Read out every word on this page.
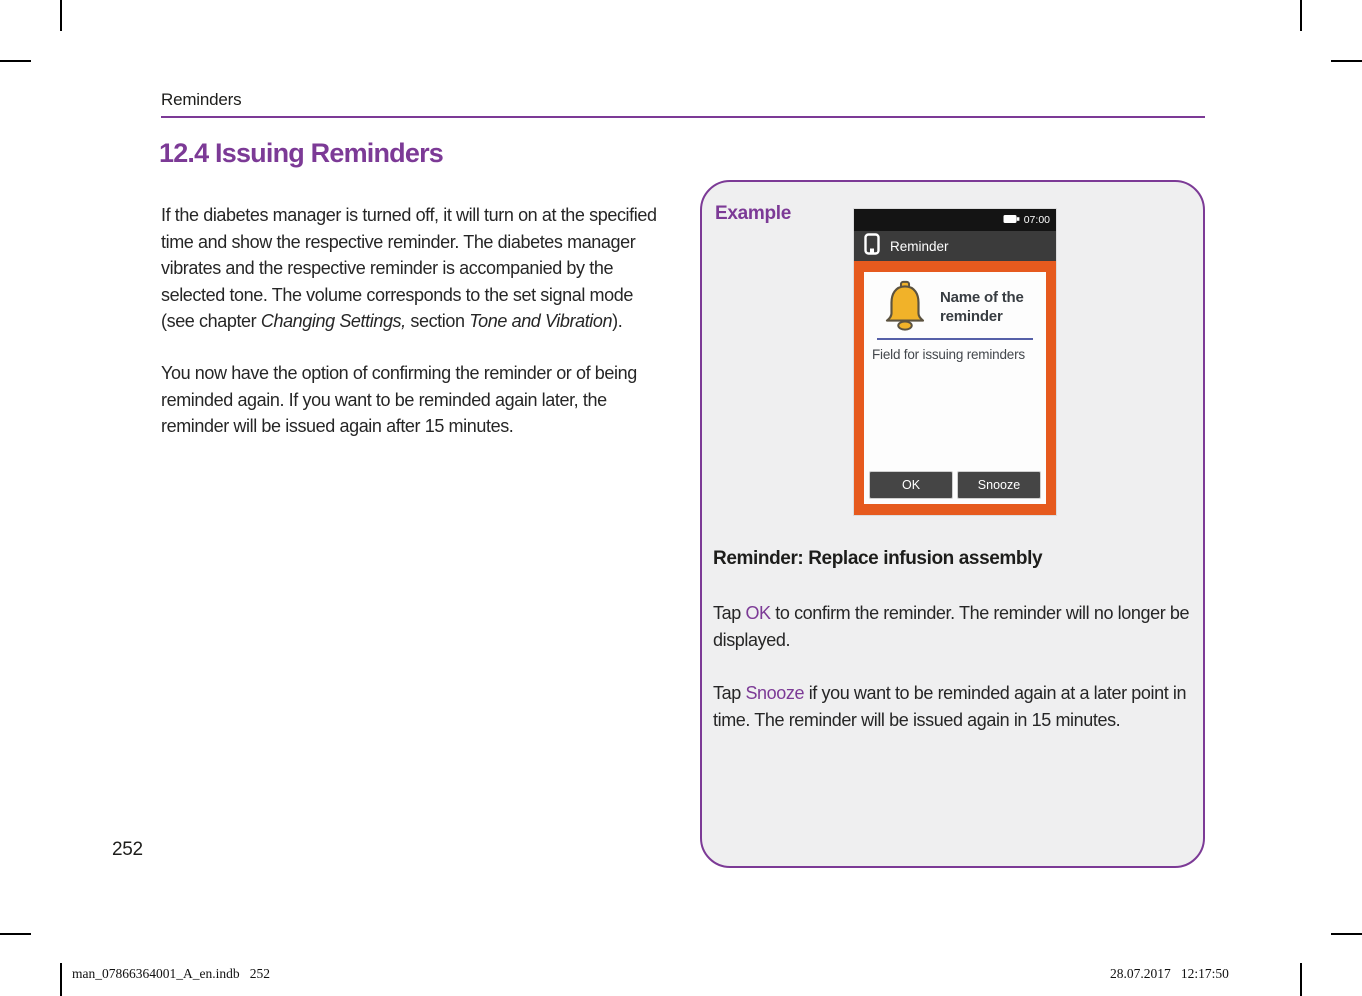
Reminders
12.4 Issuing Reminders

If the diabetes manager is turned off, it will turn on at the specified time and show the respective reminder. The diabetes manager vibrates and the respective reminder is accompanied by the selected tone. The volume corresponds to the set signal mode (see chapter Changing Settings, section Tone and Vibration).

You now have the option of confirming the reminder or of being reminded again. If you want to be reminded again later, the reminder will be issued again after 15 minutes.

252
Example	07:00
Reminder
Name of the reminder
Field for issuing reminders
OK	Snooze
Reminder: Replace infusion assembly

Tap OK to confirm the reminder. The reminder will no longer be displayed.

Tap Snooze if you want to be reminded again at a later point in time. The reminder will be issued again in 15 minutes.

man_07866364001_A_en.indb   252	28.07.2017   12:17:50
